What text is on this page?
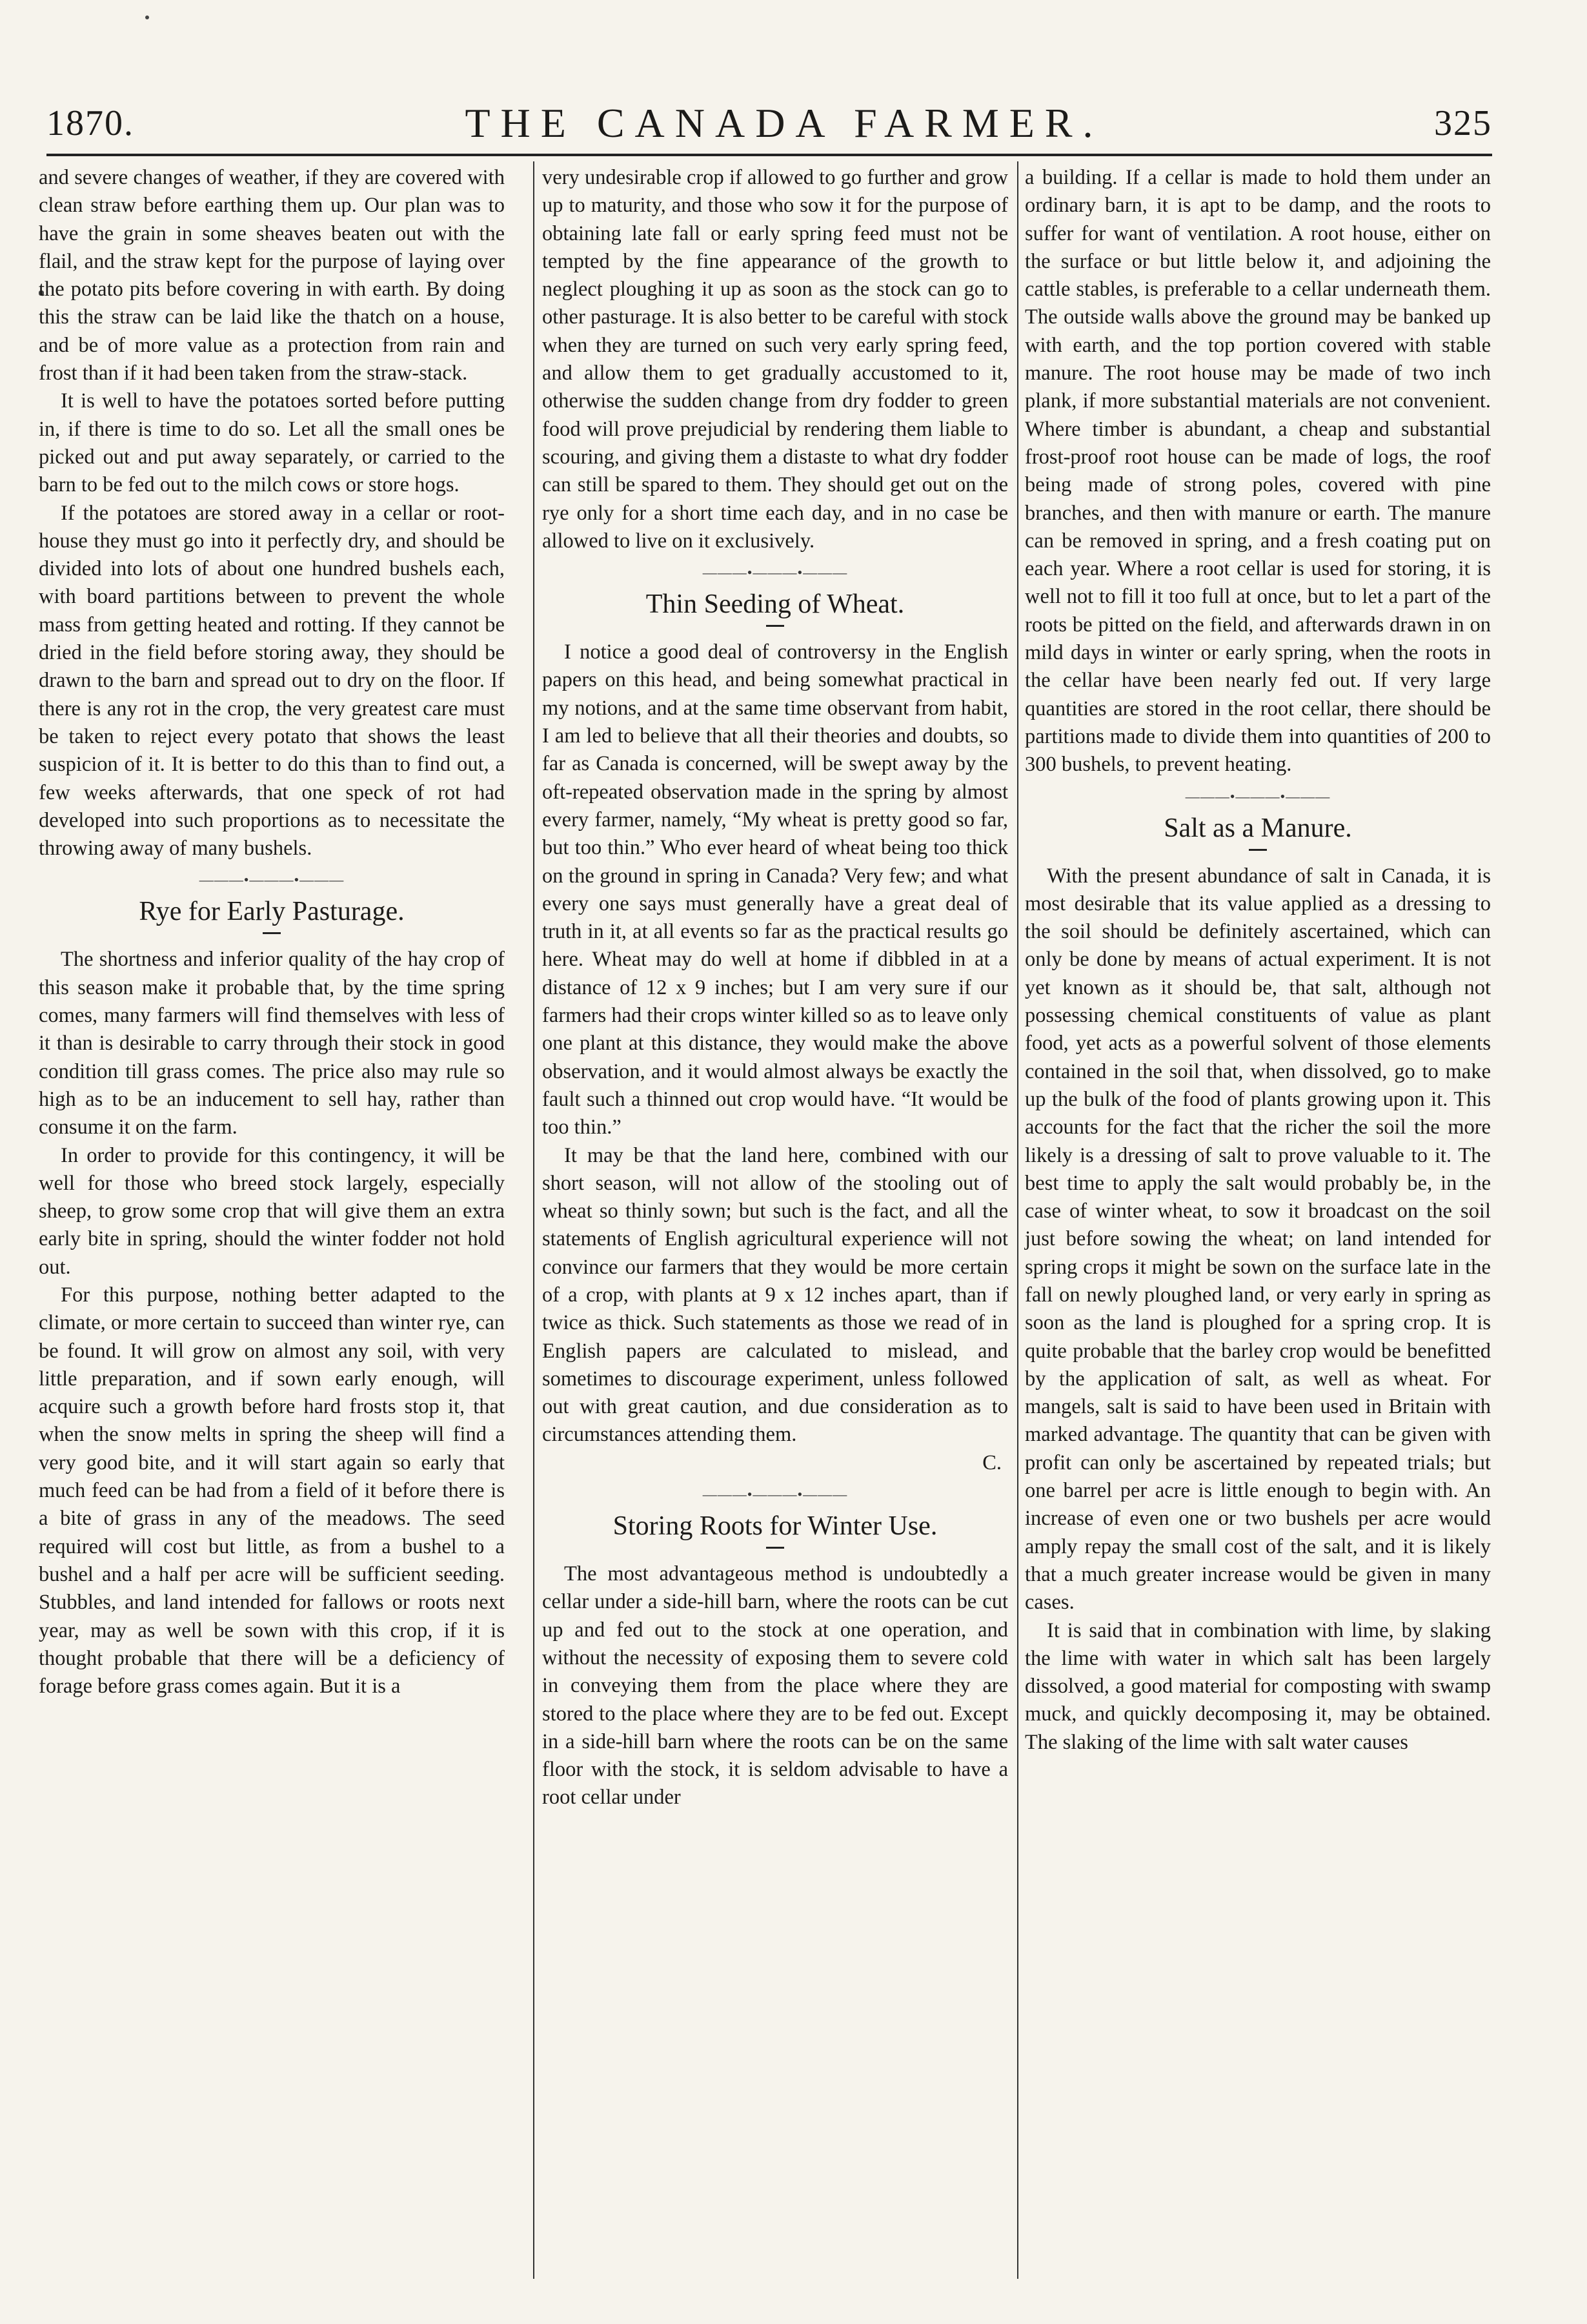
1870.	THE CANADA FARMER.	325

and severe changes of weather, if they are covered with clean straw before earthing them up. Our plan was to have the grain in some sheaves beaten out with the flail, and the straw kept for the purpose of laying over the potato pits before covering in with earth. By doing this the straw can be laid like the thatch on a house, and be of more value as a protection from rain and frost than if it had been taken from the straw-stack.

It is well to have the potatoes sorted before putting in, if there is time to do so. Let all the small ones be picked out and put away separately, or carried to the barn to be fed out to the milch cows or store hogs.

If the potatoes are stored away in a cellar or root-house they must go into it perfectly dry, and should be divided into lots of about one hundred bushels each, with board partitions between to prevent the whole mass from getting heated and rotting. If they cannot be dried in the field before storing away, they should be drawn to the barn and spread out to dry on the floor. If there is any rot in the crop, the very greatest care must be taken to reject every potato that shows the least suspicion of it. It is better to do this than to find out, a few weeks afterwards, that one speck of rot had developed into such proportions as to necessitate the throwing away of many bushels.

———•———•———
Rye for Early Pasturage.

The shortness and inferior quality of the hay crop of this season make it probable that, by the time spring comes, many farmers will find themselves with less of it than is desirable to carry through their stock in good condition till grass comes. The price also may rule so high as to be an inducement to sell hay, rather than consume it on the farm.

In order to provide for this contingency, it will be well for those who breed stock largely, especially sheep, to grow some crop that will give them an extra early bite in spring, should the winter fodder not hold out.

For this purpose, nothing better adapted to the climate, or more certain to succeed than winter rye, can be found. It will grow on almost any soil, with very little preparation, and if sown early enough, will acquire such a growth before hard frosts stop it, that when the snow melts in spring the sheep will find a very good bite, and it will start again so early that much feed can be had from a field of it before there is a bite of grass in any of the meadows. The seed required will cost but little, as from a bushel to a bushel and a half per acre will be sufficient seeding. Stubbles, and land intended for fallows or roots next year, may as well be sown with this crop, if it is thought probable that there will be a deficiency of forage before grass comes again. But it is a

very undesirable crop if allowed to go further and grow up to maturity, and those who sow it for the purpose of obtaining late fall or early spring feed must not be tempted by the fine appearance of the growth to neglect ploughing it up as soon as the stock can go to other pasturage. It is also better to be careful with stock when they are turned on such very early spring feed, and allow them to get gradually accustomed to it, otherwise the sudden change from dry fodder to green food will prove prejudicial by rendering them liable to scouring, and giving them a distaste to what dry fodder can still be spared to them. They should get out on the rye only for a short time each day, and in no case be allowed to live on it exclusively.

———•———•———
Thin Seeding of Wheat.

I notice a good deal of controversy in the English papers on this head, and being somewhat practical in my notions, and at the same time observant from habit, I am led to believe that all their theories and doubts, so far as Canada is concerned, will be swept away by the oft-repeated observation made in the spring by almost every farmer, namely, “My wheat is pretty good so far, but too thin.” Who ever heard of wheat being too thick on the ground in spring in Canada? Very few; and what every one says must generally have a great deal of truth in it, at all events so far as the practical results go here. Wheat may do well at home if dibbled in at a distance of 12 x 9 inches; but I am very sure if our farmers had their crops winter killed so as to leave only one plant at this distance, they would make the above observation, and it would almost always be exactly the fault such a thinned out crop would have. “It would be too thin.”

It may be that the land here, combined with our short season, will not allow of the stooling out of wheat so thinly sown; but such is the fact, and all the statements of English agricultural experience will not convince our farmers that they would be more certain of a crop, with plants at 9 x 12 inches apart, than if twice as thick. Such statements as those we read of in English papers are calculated to mislead, and sometimes to discourage experiment, unless followed out with great caution, and due consideration as to circumstances attending them.

C.

———•———•———
Storing Roots for Winter Use.

The most advantageous method is undoubtedly a cellar under a side-hill barn, where the roots can be cut up and fed out to the stock at one operation, and without the necessity of exposing them to severe cold in conveying them from the place where they are stored to the place where they are to be fed out. Except in a side-hill barn where the roots can be on the same floor with the stock, it is seldom advisable to have a root cellar under

a building. If a cellar is made to hold them under an ordinary barn, it is apt to be damp, and the roots to suffer for want of ventilation. A root house, either on the surface or but little below it, and adjoining the cattle stables, is preferable to a cellar underneath them. The outside walls above the ground may be banked up with earth, and the top portion covered with stable manure. The root house may be made of two inch plank, if more substantial materials are not convenient. Where timber is abundant, a cheap and substantial frost-proof root house can be made of logs, the roof being made of strong poles, covered with pine branches, and then with manure or earth. The manure can be removed in spring, and a fresh coating put on each year. Where a root cellar is used for storing, it is well not to fill it too full at once, but to let a part of the roots be pitted on the field, and afterwards drawn in on mild days in winter or early spring, when the roots in the cellar have been nearly fed out. If very large quantities are stored in the root cellar, there should be partitions made to divide them into quantities of 200 to 300 bushels, to prevent heating.

———•———•———
Salt as a Manure.

With the present abundance of salt in Canada, it is most desirable that its value applied as a dressing to the soil should be definitely ascertained, which can only be done by means of actual experiment. It is not yet known as it should be, that salt, although not possessing chemical constituents of value as plant food, yet acts as a powerful solvent of those elements contained in the soil that, when dissolved, go to make up the bulk of the food of plants growing upon it. This accounts for the fact that the richer the soil the more likely is a dressing of salt to prove valuable to it. The best time to apply the salt would probably be, in the case of winter wheat, to sow it broadcast on the soil just before sowing the wheat; on land intended for spring crops it might be sown on the surface late in the fall on newly ploughed land, or very early in spring as soon as the land is ploughed for a spring crop. It is quite probable that the barley crop would be benefitted by the application of salt, as well as wheat. For mangels, salt is said to have been used in Britain with marked advantage. The quantity that can be given with profit can only be ascertained by repeated trials; but one barrel per acre is little enough to begin with. An increase of even one or two bushels per acre would amply repay the small cost of the salt, and it is likely that a much greater increase would be given in many cases.

It is said that in combination with lime, by slaking the lime with water in which salt has been largely dissolved, a good material for composting with swamp muck, and quickly decomposing it, may be obtained. The slaking of the lime with salt water causes
